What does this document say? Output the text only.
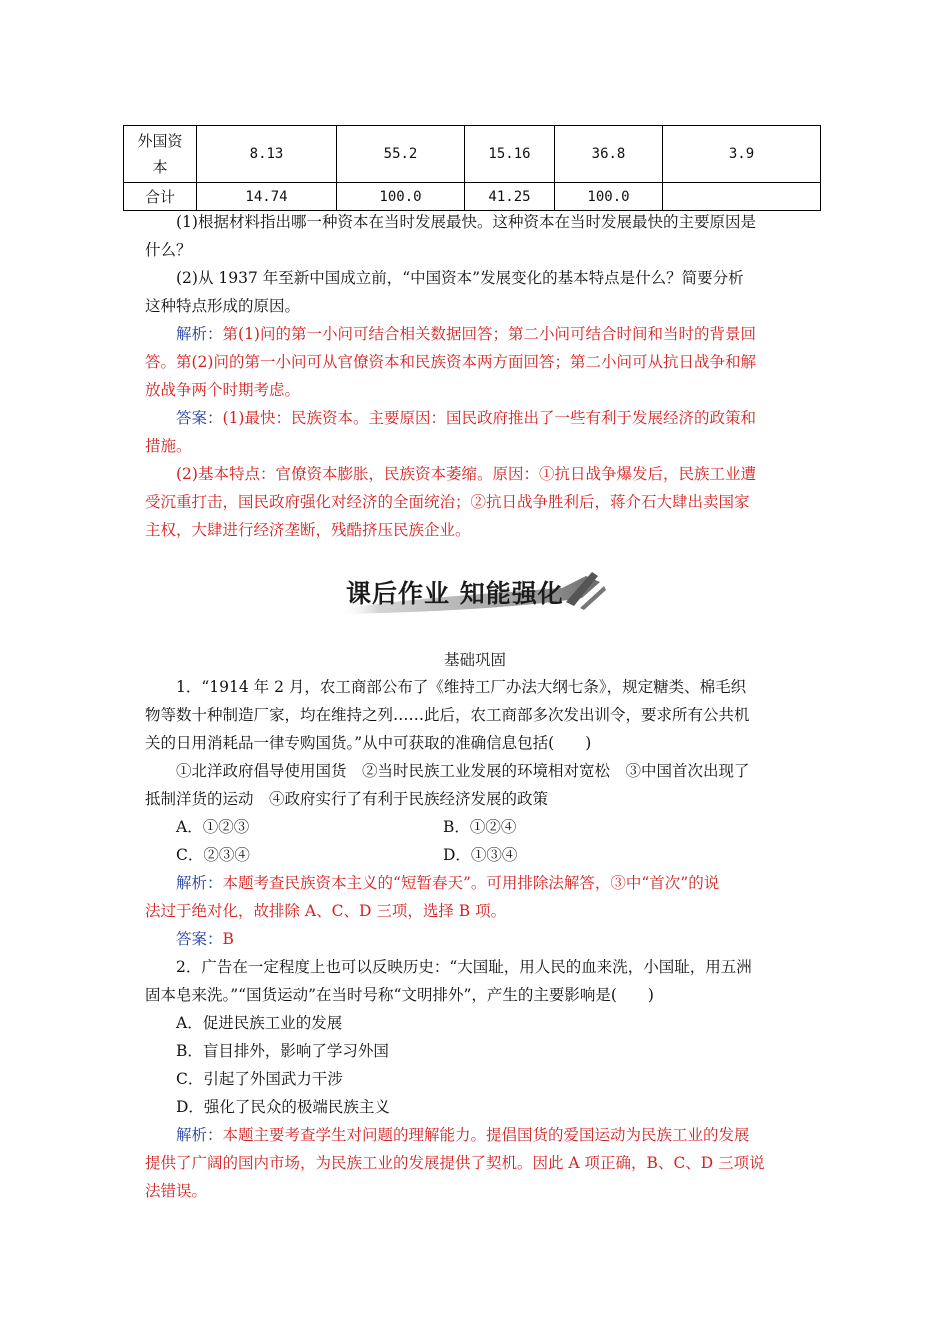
外国资本	8.13	55.2	15.16	36.8	3.9
合计	14.74	100.0	41.25	100.0	
(1)根据材料指出哪一种资本在当时发展最快。这种资本在当时发展最快的主要原因是
什么？
(2)从 1937 年至新中国成立前，“中国资本”发展变化的基本特点是什么？简要分析
这种特点形成的原因。
解析：第(1)问的第一小问可结合相关数据回答；第二小问可结合时间和当时的背景回
答。第(2)问的第一小问可从官僚资本和民族资本两方面回答；第二小问可从抗日战争和解
放战争两个时期考虑。
答案：(1)最快：民族资本。主要原因：国民政府推出了一些有利于发展经济的政策和
措施。
(2)基本特点：官僚资本膨胀，民族资本萎缩。原因：①抗日战争爆发后，民族工业遭
受沉重打击，国民政府强化对经济的全面统治；②抗日战争胜利后，蒋介石大肆出卖国家
主权，大肆进行经济垄断，残酷挤压民族企业。
课后作业 知能强化
基础巩固
1．“1914 年 2 月，农工商部公布了《维持工厂办法大纲七条》，规定糖类、棉毛织
物等数十种制造厂家，均在维持之列……此后，农工商部多次发出训令，要求所有公共机
关的日用消耗品一律专购国货。”从中可获取的准确信息包括(　　)
①北洋政府倡导使用国货　②当时民族工业发展的环境相对宽松　③中国首次出现了
抵制洋货的运动　④政府实行了有利于民族经济发展的政策
A．①②③	B．①②④
C．②③④	D．①③④
解析：本题考查民族资本主义的“短暂春天”。可用排除法解答，③中“首次”的说
法过于绝对化，故排除 A、C、D 三项，选择 B 项。
答案：B
2．广告在一定程度上也可以反映历史：“大国耻，用人民的血来洗，小国耻，用五洲
固本皂来洗。”“国货运动”在当时号称“文明排外”，产生的主要影响是(　　)
A．促进民族工业的发展
B．盲目排外，影响了学习外国
C．引起了外国武力干涉
D．强化了民众的极端民族主义
解析：本题主要考查学生对问题的理解能力。提倡国货的爱国运动为民族工业的发展
提供了广阔的国内市场，为民族工业的发展提供了契机。因此 A 项正确，B、C、D 三项说
法错误。
